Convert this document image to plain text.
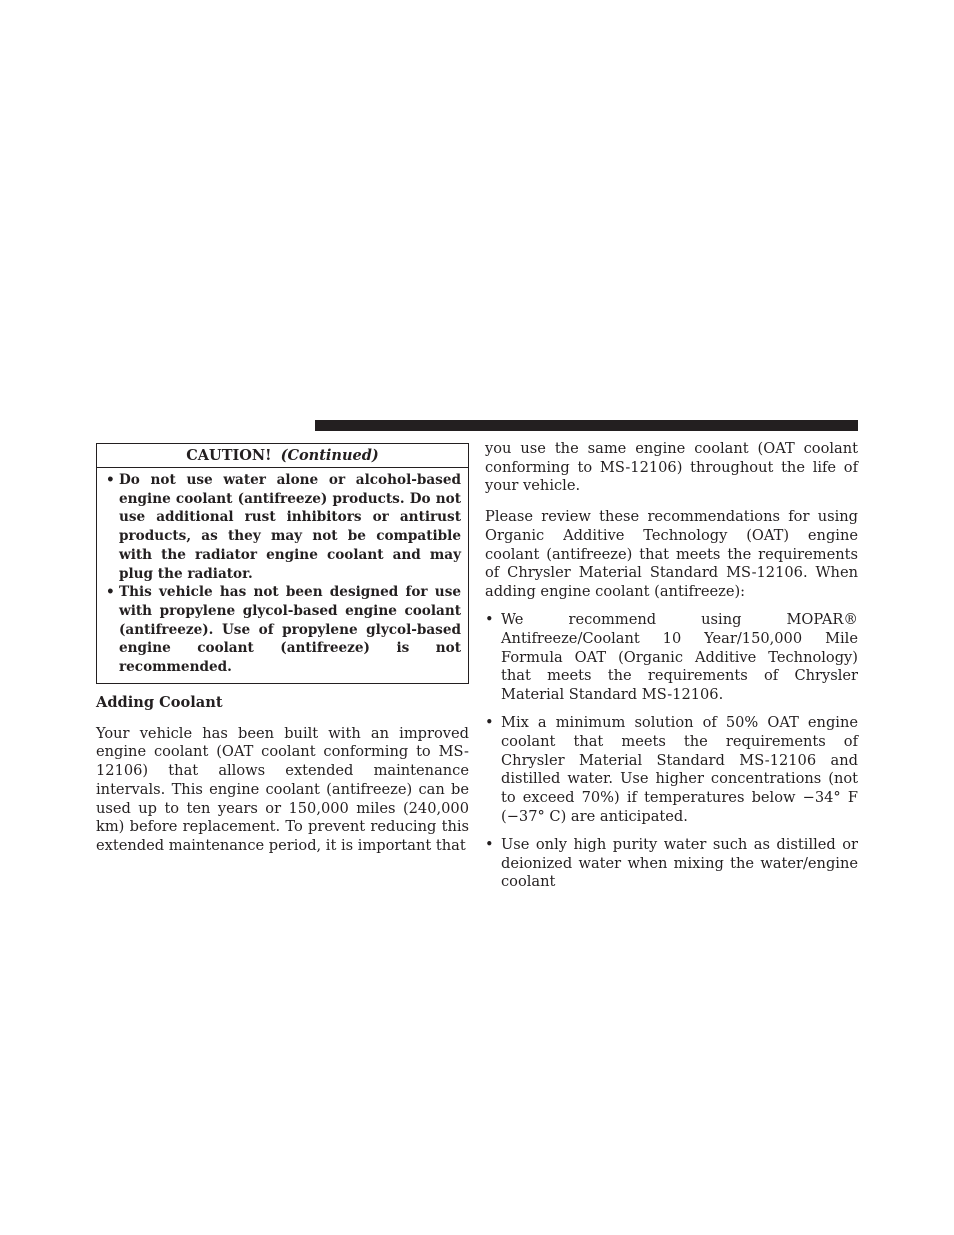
CAUTION! (Continued)
• Do not use water alone or alcohol-based engine coolant (antifreeze) products. Do not use additional rust inhibitors or antirust products, as they may not be compatible with the radiator engine coolant and may plug the radiator.
• This vehicle has not been designed for use with propylene glycol-based engine coolant (antifreeze). Use of propylene glycol-based engine coolant (antifreeze) is not recommended.
Adding Coolant

Your vehicle has been built with an improved engine coolant (OAT coolant conforming to MS-12106) that allows extended maintenance intervals. This engine coolant (antifreeze) can be used up to ten years or 150,000 miles (240,000 km) before replacement. To prevent reducing this extended maintenance period, it is important that

you use the same engine coolant (OAT coolant conforming to MS-12106) throughout the life of your vehicle.

Please review these recommendations for using Organic Additive Technology (OAT) engine coolant (antifreeze) that meets the requirements of Chrysler Material Standard MS-12106. When adding engine coolant (antifreeze):

• We recommend using MOPAR® Antifreeze/Coolant 10 Year/150,000 Mile Formula OAT (Organic Additive Technology) that meets the requirements of Chrysler Material Standard MS-12106.
• Mix a minimum solution of 50% OAT engine coolant that meets the requirements of Chrysler Material Standard MS-12106 and distilled water. Use higher concentrations (not to exceed 70%) if temperatures below −34° F (−37° C) are anticipated.
• Use only high purity water such as distilled or deionized water when mixing the water/engine coolant
